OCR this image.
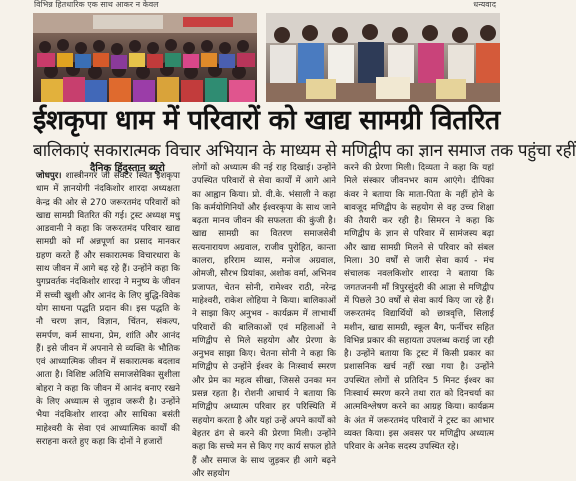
विभिन्न हितधारिक एक साथ आकर न केवल	धन्यवाद
ईशकृपा धाम में परिवारों को खाद्य सामग्री वितरित
बालिकाएं सकारात्मक विचार अभियान के माध्यम से मणिद्वीप का ज्ञान समाज तक पहुंचा रहीं
दैनिक हिंदुस्तान ब्यूरो
जोधपुर। शास्त्रीनगर जी सेक्टर स्थित ईशकृपा धाम में ज्ञानयोगी नंदकिशोर शारदा अध्यक्षता केन्द्र की ओर से 270 जरूरतमंद परिवारों को खाद्य सामग्री वितरित की गई। ट्रस्ट अध्यक्ष मधु आडवानी ने कहा कि जरूरतमंद परिवार खाद्य सामग्री को माँ अन्नपूर्णा का प्रसाद मानकर ग्रहण करते हैं और सकारात्मक विचारधारा के साथ जीवन में आगे बढ़ रहे हैं। उन्होंने कहा कि युगप्रवर्तक नंदकिशोर शारदा ने मनुष्य के जीवन में सच्ची खुशी और आनंद के लिए बुद्धि-विवेक योग साधना पद्धति प्रदान की। इस पद्धति के नौ चरण ज्ञान, विज्ञान, चिंतन, संकल्प, समर्पण, कर्म साधना, प्रेम, शांति और आनंद हैं। इसे जीवन में अपनाने से व्यक्ति के भौतिक एवं आध्यात्मिक जीवन में सकारात्मक बदलाव आता है। विशिष्ट अतिथि समाजसेविका सुशीला बोहरा ने कहा कि जीवन में आनंद बनाए रखने के लिए अध्यात्म से जुड़ाव जरूरी है। उन्होंने भैया नंदकिशोर शारदा और साधिका बसंती माहेश्वरी के सेवा एवं आध्यात्मिक कार्यों की सराहना करते हुए कहा कि दोनों ने हजारों
लोगों को अध्यात्म की नई राह दिखाई। उन्होंने उपस्थित परिवारों से सेवा कार्यों में आगे आने का आह्वान किया। प्रो. वी.के. भंसाली ने कहा कि कर्मयोगिनियों और ईश्वरकृपा के साथ जाने बढ़ता मानव जीवन की सफलता की कुंजी है। खाद्य सामग्री का वितरण समाजसेवी सत्यनारायण अग्रवाल, राजीव पुरोहित, कान्ता कालरा, हरिराम व्यास, मनोज अग्रवाल, ओमजी, सौरभ प्रियांका, अशोक वर्मा, अभिनव प्रजापत, चेतन सोनी, रामेश्वर राठी, नरेन्द्र माहेश्वरी, राकेश लोहिया ने किया। बालिकाओं ने साझा किए अनुभव - कार्यक्रम में लाभार्थी परिवारों की बालिकाओं एवं महिलाओं ने मणिद्वीप से मिले सहयोग और प्रेरणा के अनुभव साझा किए। चेतना सोनी ने कहा कि मणिद्वीप से उन्होंने ईश्वर के निःस्वार्थ स्मरण और प्रेम का महत्व सीखा, जिससे उनका मन प्रसन्न रहता है। रोशनी आचार्य ने बताया कि मणिद्वीप अध्यात्म परिवार हर परिस्थिति में सहयोग करता है और यहां उन्हें अपने कार्यों को बेहतर ढंग से करने की प्रेरणा मिली। उन्होंने कहा कि सच्चे मन से किए गए कार्य सफल होते हैं और समाज के साथ जुड़कर ही आगे बढ़ने और सहयोग
करने की प्रेरणा मिली। दिव्यता ने कहा कि यहां मिले संस्कार जीवनभर काम आएंगे। दीपिका कंवर ने बताया कि माता-पिता के नहीं होने के बावजूद मणिद्वीप के सहयोग से वह उच्च शिक्षा की तैयारी कर रही है। सिमरन ने कहा कि मणिद्वीप के ज्ञान से परिवार में सामंजस्य बढ़ा और खाद्य सामग्री मिलने से परिवार को संबल मिला। 30 वर्षों से जारी सेवा कार्य - मंच संचालक नवलकिशोर शारदा ने बताया कि जगतजननी माँ त्रिपुरसुंदरी की आज्ञा से मणिद्वीप में पिछले 30 वर्षों से सेवा कार्य किए जा रहे हैं। जरूरतमंद विद्यार्थियों को छात्रवृत्ति, सिलाई मशीन, खाद्य सामग्री, स्कूल बैग, फर्नीचर सहित विभिन्न प्रकार की सहायता उपलब्ध कराई जा रही है। उन्होंने बताया कि ट्रस्ट में किसी प्रकार का प्रशासनिक खर्च नहीं रखा गया है। उन्होंने उपस्थित लोगों से प्रतिदिन 5 मिनट ईश्वर का निःस्वार्थ स्मरण करने तथा रात को दिनचर्या का आत्मविश्लेषण करने का आग्रह किया। कार्यक्रम के अंत में जरूरतमंद परिवारों ने ट्रस्ट का आभार व्यक्त किया। इस अवसर पर मणिद्वीप अध्यात्म परिवार के अनेक सदस्य उपस्थित रहे।
